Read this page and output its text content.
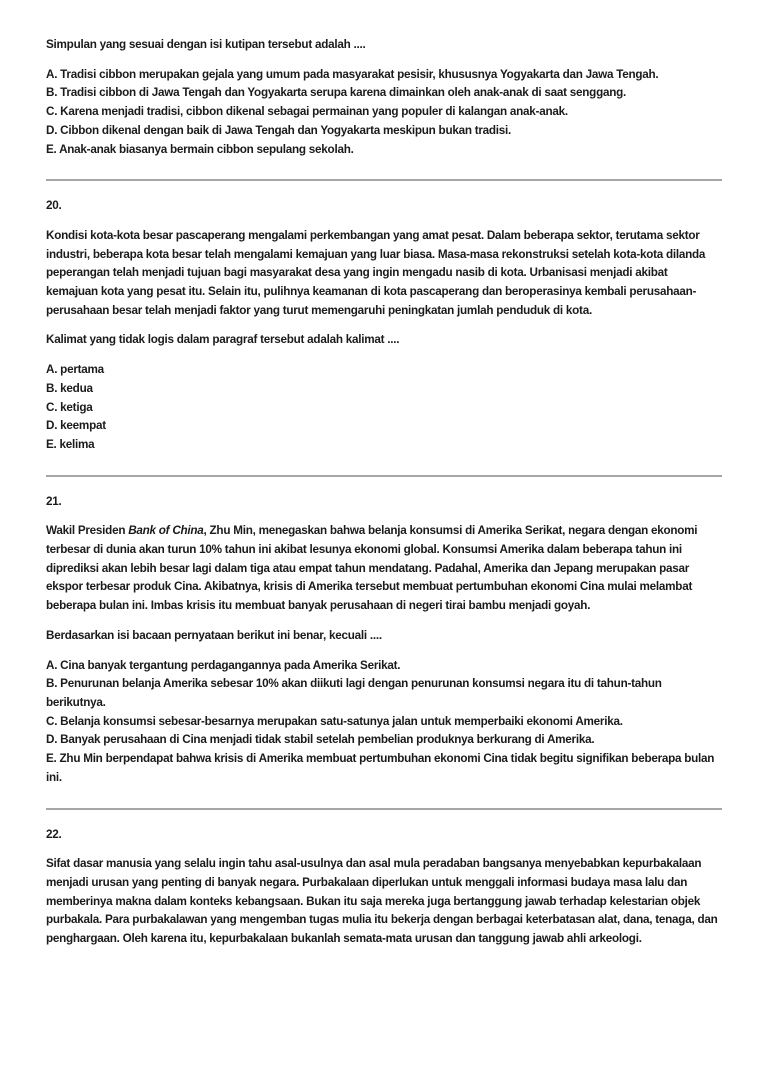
Simpulan yang sesuai dengan isi kutipan tersebut adalah ....

A. Tradisi cibbon merupakan gejala yang umum pada masyarakat pesisir, khususnya Yogyakarta dan Jawa Tengah.

B. Tradisi cibbon di Jawa Tengah dan Yogyakarta serupa karena dimainkan oleh anak-anak di saat senggang.

C. Karena menjadi tradisi, cibbon dikenal sebagai permainan yang populer di kalangan anak-anak.

D. Cibbon dikenal dengan baik di Jawa Tengah dan Yogyakarta meskipun bukan tradisi.

E. Anak-anak biasanya bermain cibbon sepulang sekolah.

20.

Kondisi kota-kota besar pascaperang mengalami perkembangan yang amat pesat. Dalam beberapa sektor, terutama sektor industri, beberapa kota besar telah mengalami kemajuan yang luar biasa. Masa-masa rekonstruksi setelah kota-kota dilanda peperangan telah menjadi tujuan bagi masyarakat desa yang ingin mengadu nasib di kota. Urbanisasi menjadi akibat kemajuan kota yang pesat itu. Selain itu, pulihnya keamanan di kota pascaperang dan beroperasinya kembali perusahaan-perusahaan besar telah menjadi faktor yang turut memengaruhi peningkatan jumlah penduduk di kota.

Kalimat yang tidak logis dalam paragraf tersebut adalah kalimat ....

A. pertama

B. kedua

C. ketiga

D. keempat

E. kelima

21.

Wakil Presiden Bank of China, Zhu Min, menegaskan bahwa belanja konsumsi di Amerika Serikat, negara dengan ekonomi terbesar di dunia akan turun 10% tahun ini akibat lesunya ekonomi global. Konsumsi Amerika dalam beberapa tahun ini diprediksi akan lebih besar lagi dalam tiga atau empat tahun mendatang. Padahal, Amerika dan Jepang merupakan pasar ekspor terbesar produk Cina. Akibatnya, krisis di Amerika tersebut membuat pertumbuhan ekonomi Cina mulai melambat beberapa bulan ini. Imbas krisis itu membuat banyak perusahaan di negeri tirai bambu menjadi goyah.

Berdasarkan isi bacaan pernyataan berikut ini benar, kecuali ....

A. Cina banyak tergantung perdagangannya pada Amerika Serikat.

B. Penurunan belanja Amerika sebesar 10% akan diikuti lagi dengan penurunan konsumsi negara itu di tahun-tahun berikutnya.

C. Belanja konsumsi sebesar-besarnya merupakan satu-satunya jalan untuk memperbaiki ekonomi Amerika.

D. Banyak perusahaan di Cina menjadi tidak stabil setelah pembelian produknya berkurang di Amerika.

E. Zhu Min berpendapat bahwa krisis di Amerika membuat pertumbuhan ekonomi Cina tidak begitu signifikan beberapa bulan ini.

22.

Sifat dasar manusia yang selalu ingin tahu asal-usulnya dan asal mula peradaban bangsanya menyebabkan kepurbakalaan menjadi urusan yang penting di banyak negara. Purbakalaan diperlukan untuk menggali informasi budaya masa lalu dan memberinya makna dalam konteks kebangsaan. Bukan itu saja mereka juga bertanggung jawab terhadap kelestarian objek purbakala. Para purbakalawan yang mengemban tugas mulia itu bekerja dengan berbagai keterbatasan alat, dana, tenaga, dan penghargaan. Oleh karena itu, kepurbakalaan bukanlah semata-mata urusan dan tanggung jawab ahli arkeologi.
